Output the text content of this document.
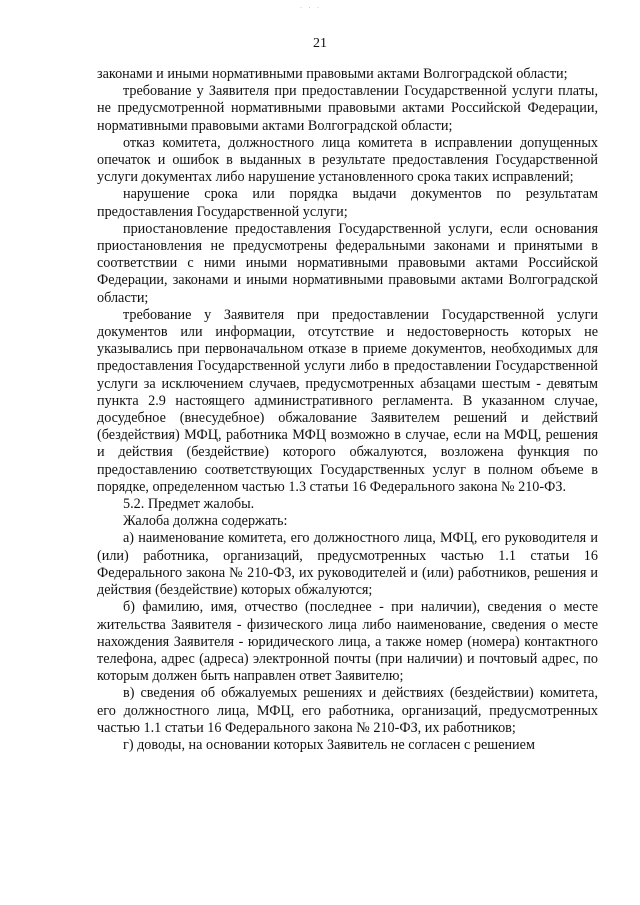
· · ·
21

законами и иными нормативными правовыми актами Волгоградской области;

требование у Заявителя при предоставлении Государственной услуги платы, не предусмотренной нормативными правовыми актами Российской Федерации, нормативными правовыми актами Волгоградской области;

отказ комитета, должностного лица комитета в исправлении допущенных опечаток и ошибок в выданных в результате предоставления Государственной услуги документах либо нарушение установленного срока таких исправлений;

нарушение срока или порядка выдачи документов по результатам предоставления Государственной услуги;

приостановление предоставления Государственной услуги, если основания приостановления не предусмотрены федеральными законами и принятыми в соответствии с ними иными нормативными правовыми актами Российской Федерации, законами и иными нормативными правовыми актами Волгоградской области;

требование у Заявителя при предоставлении Государственной услуги документов или информации, отсутствие и недостоверность которых не указывались при первоначальном отказе в приеме документов, необходимых для предоставления Государственной услуги либо в предоставлении Государственной услуги за исключением случаев, предусмотренных абзацами шестым - девятым пункта 2.9 настоящего административного регламента. В указанном случае, досудебное (внесудебное) обжалование Заявителем решений и действий (бездействия) МФЦ, работника МФЦ возможно в случае, если на МФЦ, решения и действия (бездействие) которого обжалуются, возложена функция по предоставлению соответствующих Государственных услуг в полном объеме в порядке, определенном частью 1.3 статьи 16 Федерального закона № 210-ФЗ.

5.2. Предмет жалобы.

Жалоба должна содержать:

а) наименование комитета, его должностного лица, МФЦ, его руководителя и (или) работника, организаций, предусмотренных частью 1.1 статьи 16 Федерального закона № 210-ФЗ, их руководителей и (или) работников, решения и действия (бездействие) которых обжалуются;

б) фамилию, имя, отчество (последнее - при наличии), сведения о месте жительства Заявителя - физического лица либо наименование, сведения о месте нахождения Заявителя - юридического лица, а также номер (номера) контактного телефона, адрес (адреса) электронной почты (при наличии) и почтовый адрес, по которым должен быть направлен ответ Заявителю;

в) сведения об обжалуемых решениях и действиях (бездействии) комитета, его должностного лица, МФЦ, его работника, организаций, предусмотренных частью 1.1 статьи 16 Федерального закона № 210-ФЗ, их работников;

г) доводы, на основании которых Заявитель не согласен с решением
